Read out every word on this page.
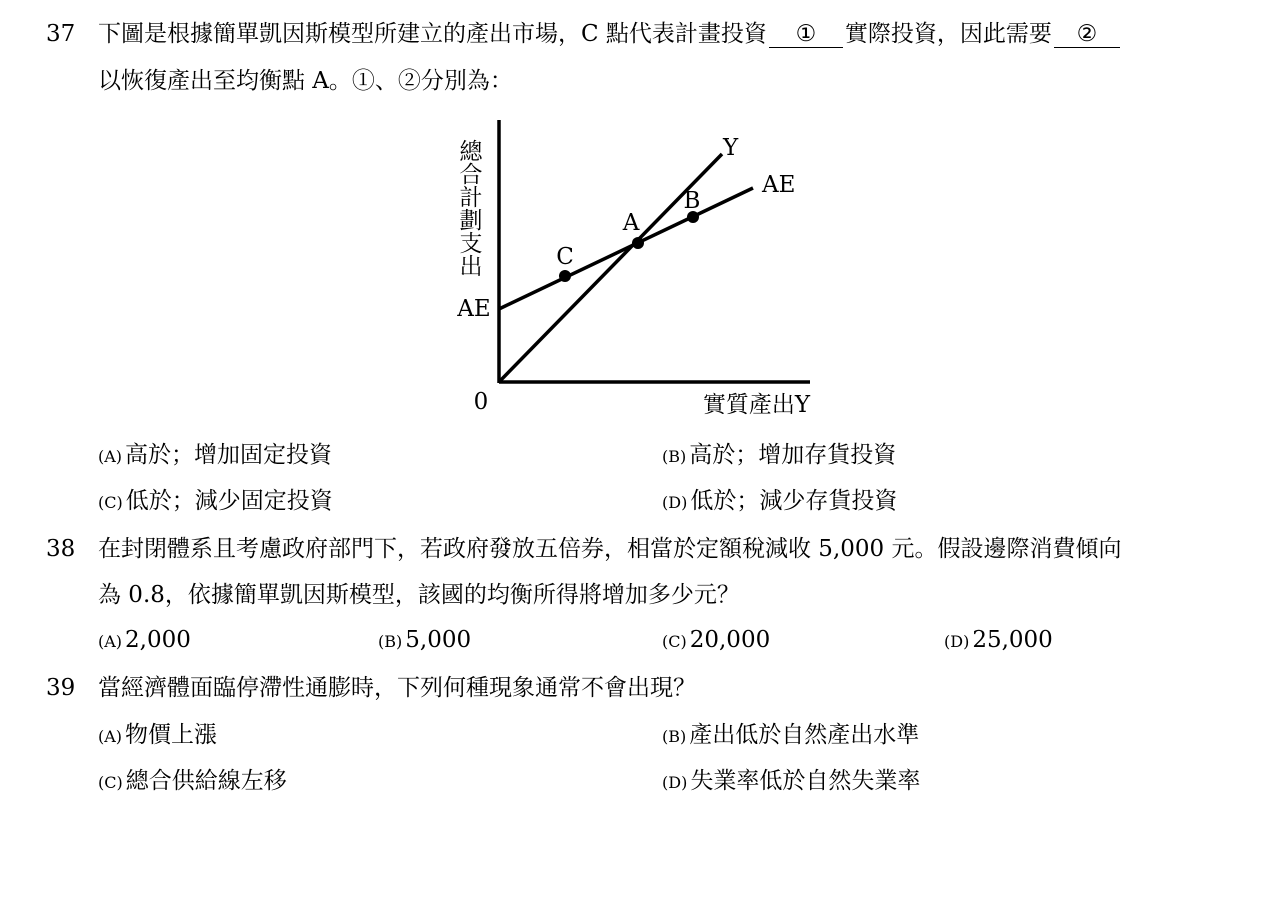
37 下圖是根據簡單凱因斯模型所建立的產出市場，C 點代表計畫投資 ① 實際投資，因此需要 ②
以恢復產出至均衡點 A。①、②分別為：
總
合
計
劃
支
出
AE
0	實質產出Y
Y
AE
A
B
C
(A) 高於；增加固定投資	(B) 高於；增加存貨投資
(C) 低於；減少固定投資	(D) 低於；減少存貨投資
38 在封閉體系且考慮政府部門下，若政府發放五倍券，相當於定額稅減收 5,000 元。假設邊際消費傾向
為 0.8，依據簡單凱因斯模型，該國的均衡所得將增加多少元？
(A) 2,000	(B) 5,000	(C) 20,000	(D) 25,000
39 當經濟體面臨停滯性通膨時，下列何種現象通常不會出現？
(A) 物價上漲	(B) 產出低於自然產出水準
(C) 總合供給線左移	(D) 失業率低於自然失業率
